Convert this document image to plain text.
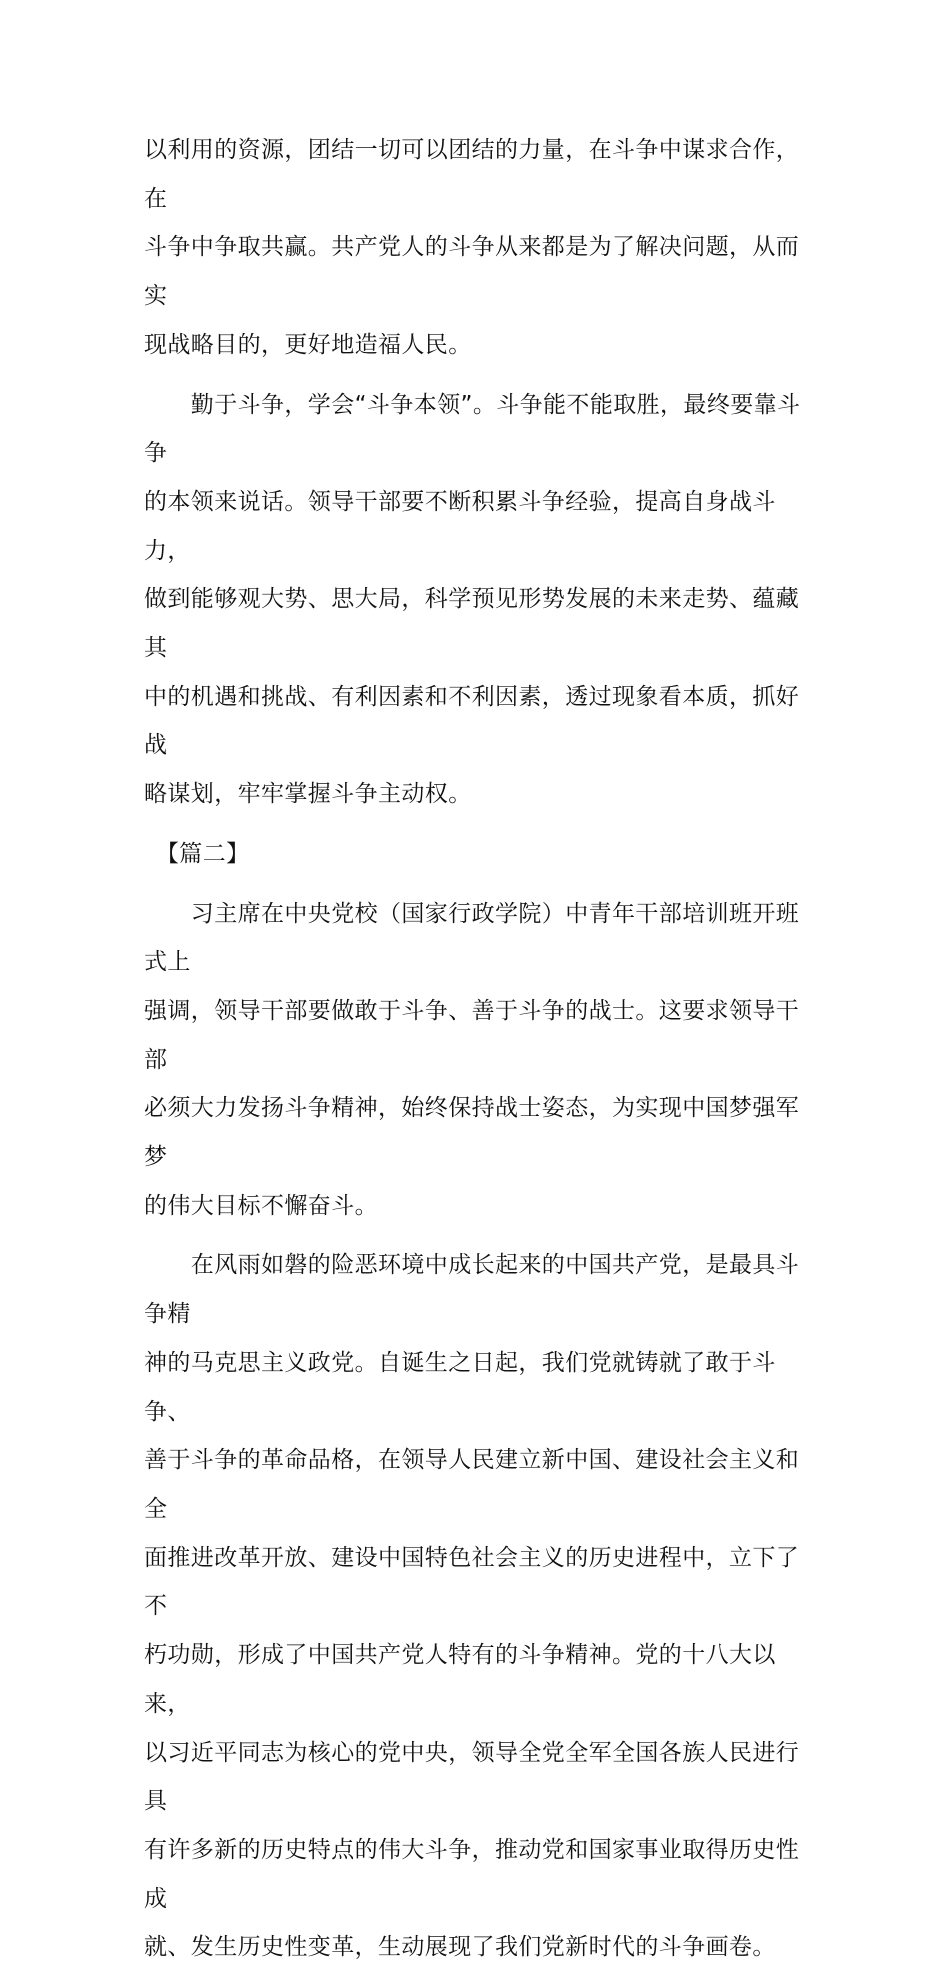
以利用的资源，团结一切可以团结的力量，在斗争中谋求合作，在
斗争中争取共赢。共产党人的斗争从来都是为了解决问题，从而实
现战略目的，更好地造福人民。

　　勤于斗争，学会“斗争本领”。斗争能不能取胜，最终要靠斗争
的本领来说话。领导干部要不断积累斗争经验，提高自身战斗力，
做到能够观大势、思大局，科学预见形势发展的未来走势、蕴藏其
中的机遇和挑战、有利因素和不利因素，透过现象看本质，抓好战
略谋划，牢牢掌握斗争主动权。

　【篇二】

　　习主席在中央党校（国家行政学院）中青年干部培训班开班式上
强调，领导干部要做敢于斗争、善于斗争的战士。这要求领导干部
必须大力发扬斗争精神，始终保持战士姿态，为实现中国梦强军梦
的伟大目标不懈奋斗。

　　在风雨如磐的险恶环境中成长起来的中国共产党，是最具斗争精
神的马克思主义政党。自诞生之日起，我们党就铸就了敢于斗争、
善于斗争的革命品格，在领导人民建立新中国、建设社会主义和全
面推进改革开放、建设中国特色社会主义的历史进程中，立下了不
朽功勋，形成了中国共产党人特有的斗争精神。党的十八大以来，
以习近平同志为核心的党中央，领导全党全军全国各族人民进行具
有许多新的历史特点的伟大斗争，推动党和国家事业取得历史性成
就、发生历史性变革，生动展现了我们党新时代的斗争画卷。
